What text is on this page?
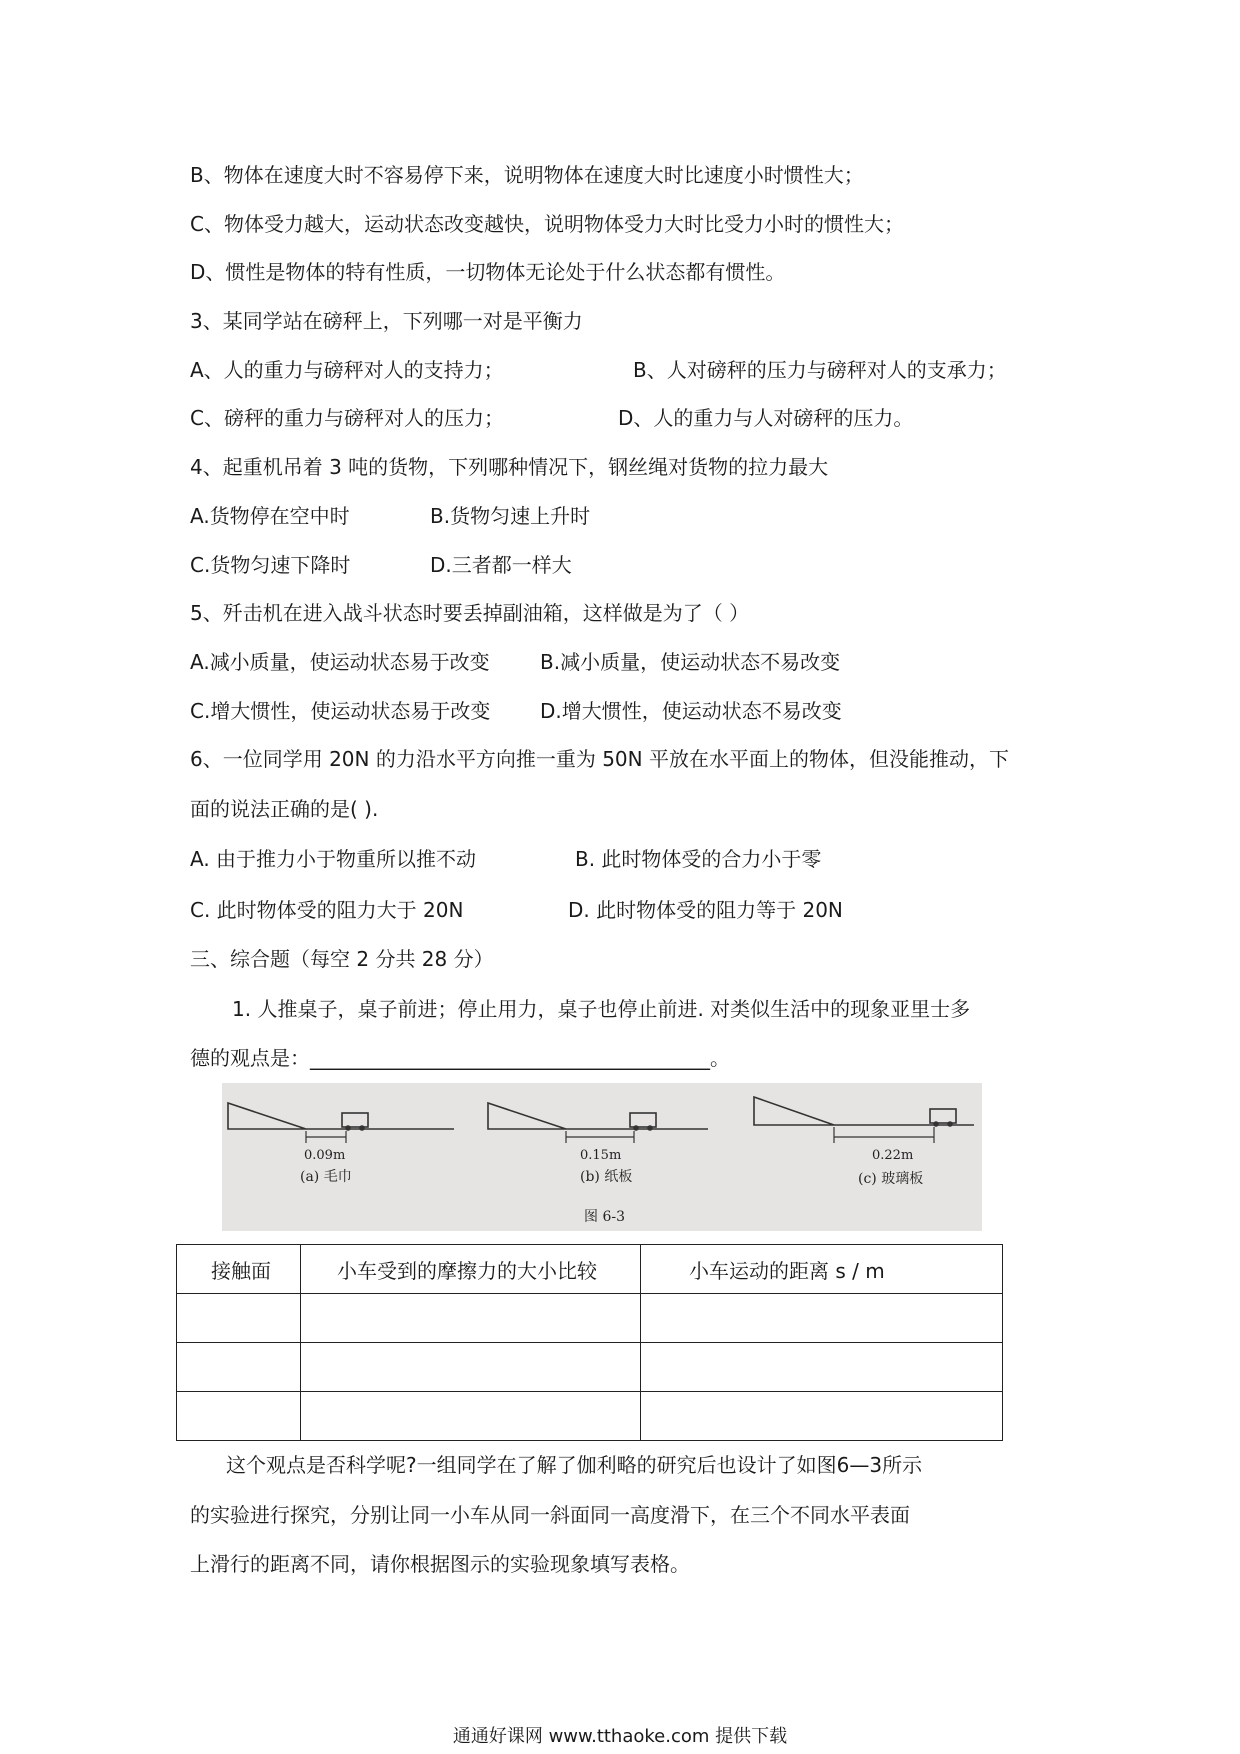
B、物体在速度大时不容易停下来，说明物体在速度大时比速度小时惯性大；
C、物体受力越大，运动状态改变越快，说明物体受力大时比受力小时的惯性大；
D、惯性是物体的特有性质，一切物体无论处于什么状态都有惯性。
3、某同学站在磅秤上，下列哪一对是平衡力
A、人的重力与磅秤对人的支持力；	B、人对磅秤的压力与磅秤对人的支承力；
C、磅秤的重力与磅秤对人的压力；	D、人的重力与人对磅秤的压力。
4、起重机吊着 3 吨的货物，下列哪种情况下，钢丝绳对货物的拉力最大
A.货物停在空中时	B.货物匀速上升时
C.货物匀速下降时	D.三者都一样大
5、歼击机在进入战斗状态时要丢掉副油箱，这样做是为了（ ）
A.减小质量，使运动状态易于改变	B.减小质量，使运动状态不易改变
C.增大惯性，使运动状态易于改变 D.增大惯性，使运动状态不易改变
6、一位同学用 20N 的力沿水平方向推一重为 50N 平放在水平面上的物体，但没能推动，下
面的说法正确的是( ).
A. 由于推力小于物重所以推不动	B. 此时物体受的合力小于零
C. 此时物体受的阻力大于 20N	D. 此时物体受的阻力等于 20N
三、综合题（每空 2 分共 28 分）
1. 人推桌子，桌子前进；停止用力，桌子也停止前进. 对类似生活中的现象亚里士多
德的观点是：________________________________________。
0.09m
(a) 毛巾
0.15m
(b) 纸板
0.22m
(c) 玻璃板
图 6-3
接触面	小车受到的摩擦力的大小比较	小车运动的距离 s / m

这个观点是否科学呢?一组同学在了解了伽利略的研究后也设计了如图6—3所示
的实验进行探究，分别让同一小车从同一斜面同一高度滑下，在三个不同水平表面
上滑行的距离不同，请你根据图示的实验现象填写表格。
通通好课网 www.tthaoke.com 提供下载
